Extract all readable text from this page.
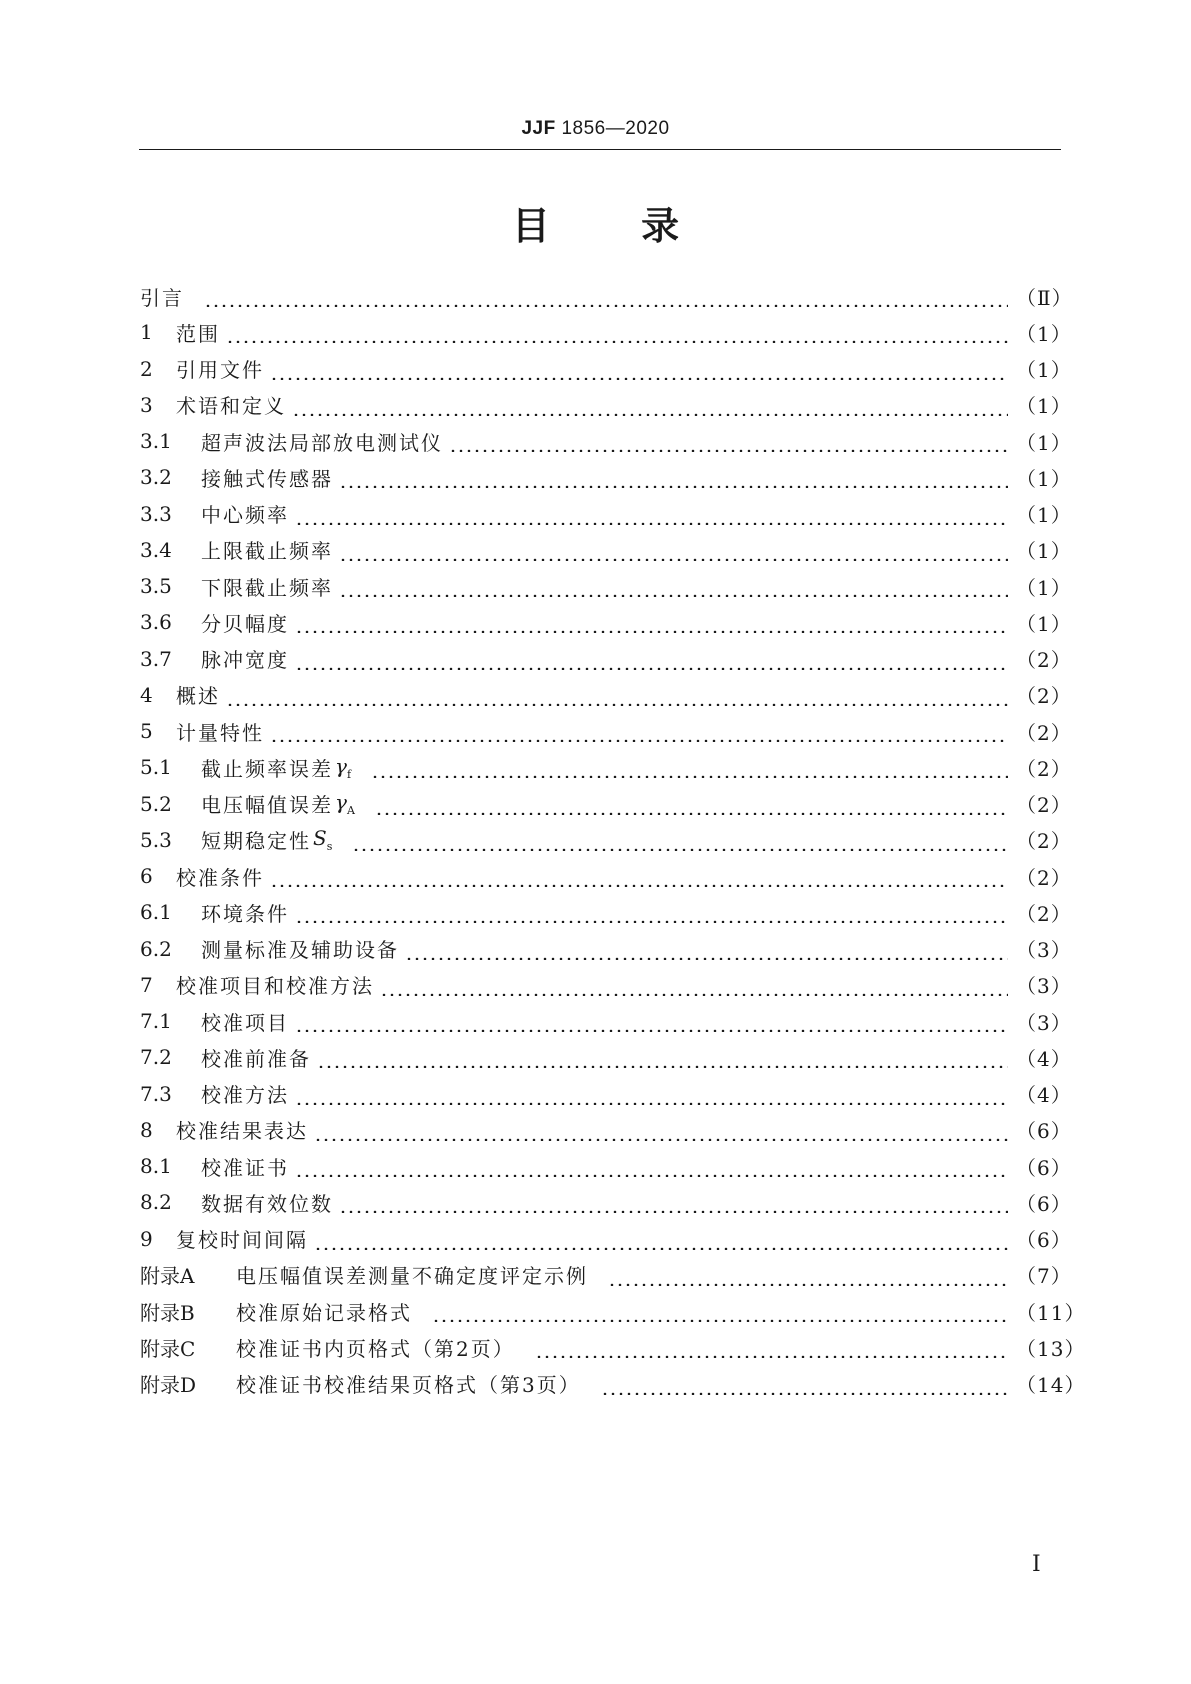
JJF 1856—2020
目 录
引言	（Ⅱ）
1	范围	（1）
2	引用文件	（1）
3	术语和定义	（1）
3.1	超声波法局部放电测试仪	（1）
3.2	接触式传感器	（1）
3.3	中心频率	（1）
3.4	上限截止频率	（1）
3.5	下限截止频率	（1）
3.6	分贝幅度	（1）
3.7	脉冲宽度	（2）
4	概述	（2）
5	计量特性	（2）
5.1	截止频率误差 $\gamma_f$	（2）
5.2	电压幅值误差 $\gamma_A$	（2）
5.3	短期稳定性 $S_s$	（2）
6	校准条件	（2）
6.1	环境条件	（2）
6.2	测量标准及辅助设备	（3）
7	校准项目和校准方法	（3）
7.1	校准项目	（3）
7.2	校准前准备	（4）
7.3	校准方法	（4）
8	校准结果表达	（6）
8.1	校准证书	（6）
8.2	数据有效位数	（6）
9	复校时间间隔	（6）
附录A	电压幅值误差测量不确定度评定示例	（7）
附录B	校准原始记录格式	（11）
附录C	校准证书内页格式（第2页）	（13）
附录D	校准证书校准结果页格式（第3页）	（14）
I
